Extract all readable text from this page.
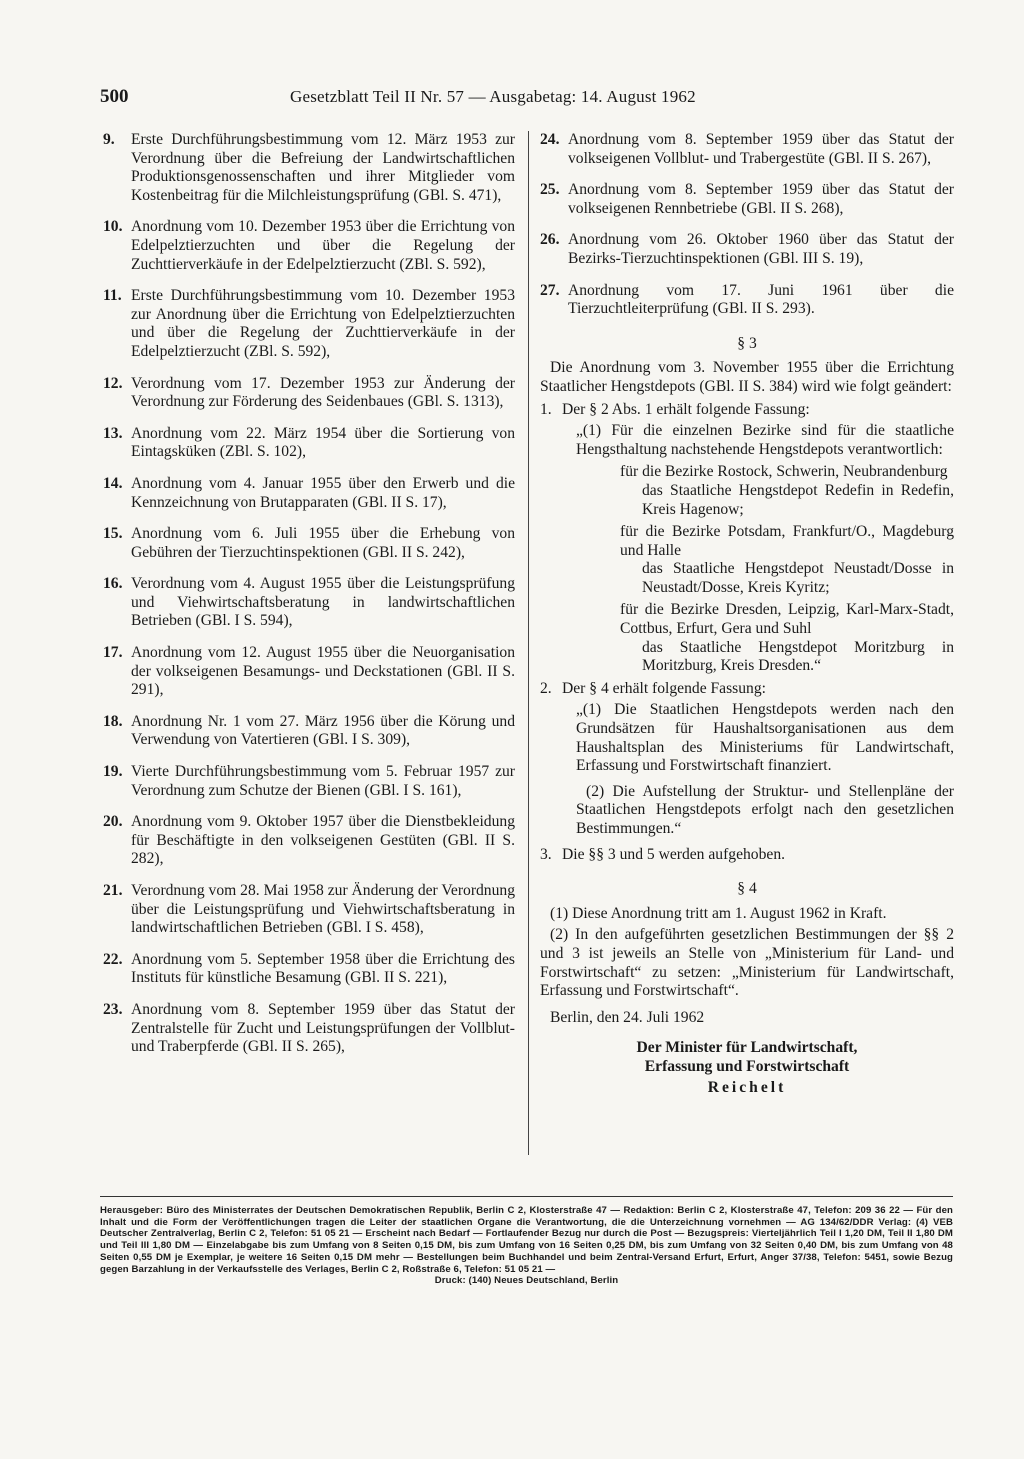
500	Gesetzblatt Teil II Nr. 57 — Ausgabetag: 14. August 1962
9. Erste Durchführungsbestimmung vom 12. März 1953 zur Verordnung über die Befreiung der Landwirtschaftlichen Produktionsgenossenschaften und ihrer Mitglieder vom Kostenbeitrag für die Milchleistungsprüfung (GBl. S. 471),
10. Anordnung vom 10. Dezember 1953 über die Errichtung von Edelpelztierzuchten und über die Regelung der Zuchttierverkäufe in der Edelpelztierzucht (ZBl. S. 592),
11. Erste Durchführungsbestimmung vom 10. Dezember 1953 zur Anordnung über die Errichtung von Edelpelztierzuchten und über die Regelung der Zuchttierverkäufe in der Edelpelztierzucht (ZBl. S. 592),
12. Verordnung vom 17. Dezember 1953 zur Änderung der Verordnung zur Förderung des Seidenbaues (GBl. S. 1313),
13. Anordnung vom 22. März 1954 über die Sortierung von Eintagsküken (ZBl. S. 102),
14. Anordnung vom 4. Januar 1955 über den Erwerb und die Kennzeichnung von Brutapparaten (GBl. II S. 17),
15. Anordnung vom 6. Juli 1955 über die Erhebung von Gebühren der Tierzuchtinspektionen (GBl. II S. 242),
16. Verordnung vom 4. August 1955 über die Leistungsprüfung und Viehwirtschaftsberatung in landwirtschaftlichen Betrieben (GBl. I S. 594),
17. Anordnung vom 12. August 1955 über die Neuorganisation der volkseigenen Besamungs- und Deckstationen (GBl. II S. 291),
18. Anordnung Nr. 1 vom 27. März 1956 über die Körung und Verwendung von Vatertieren (GBl. I S. 309),
19. Vierte Durchführungsbestimmung vom 5. Februar 1957 zur Verordnung zum Schutze der Bienen (GBl. I S. 161),
20. Anordnung vom 9. Oktober 1957 über die Dienstbekleidung für Beschäftigte in den volkseigenen Gestüten (GBl. II S. 282),
21. Verordnung vom 28. Mai 1958 zur Änderung der Verordnung über die Leistungsprüfung und Viehwirtschaftsberatung in landwirtschaftlichen Betrieben (GBl. I S. 458),
22. Anordnung vom 5. September 1958 über die Errichtung des Instituts für künstliche Besamung (GBl. II S. 221),
23. Anordnung vom 8. September 1959 über das Statut der Zentralstelle für Zucht und Leistungsprüfungen der Vollblut- und Traberpferde (GBl. II S. 265),
24. Anordnung vom 8. September 1959 über das Statut der volkseigenen Vollblut- und Trabergestüte (GBl. II S. 267),
25. Anordnung vom 8. September 1959 über das Statut der volkseigenen Rennbetriebe (GBl. II S. 268),
26. Anordnung vom 26. Oktober 1960 über das Statut der Bezirks-Tierzuchtinspektionen (GBl. III S. 19),
27. Anordnung vom 17. Juni 1961 über die Tierzuchtleiterprüfung (GBl. II S. 293).
§ 3
Die Anordnung vom 3. November 1955 über die Errichtung Staatlicher Hengstdepots (GBl. II S. 384) wird wie folgt geändert:
1. Der § 2 Abs. 1 erhält folgende Fassung:

„(1) Für die einzelnen Bezirke sind für die staatliche Hengsthaltung nachstehende Hengstdepots verantwortlich:

für die Bezirke Rostock, Schwerin, Neubrandenburg
das Staatliche Hengstdepot Redefin in Redefin, Kreis Hagenow;
für die Bezirke Potsdam, Frankfurt/O., Magdeburg und Halle
das Staatliche Hengstdepot Neustadt/Dosse in Neustadt/Dosse, Kreis Kyritz;
für die Bezirke Dresden, Leipzig, Karl-Marx-Stadt, Cottbus, Erfurt, Gera und Suhl
das Staatliche Hengstdepot Moritzburg in Moritzburg, Kreis Dresden.“
2. Der § 4 erhält folgende Fassung:

„(1) Die Staatlichen Hengstdepots werden nach den Grundsätzen für Haushaltsorganisationen aus dem Haushaltsplan des Ministeriums für Landwirtschaft, Erfassung und Forstwirtschaft finanziert.

(2) Die Aufstellung der Struktur- und Stellenpläne der Staatlichen Hengstdepots erfolgt nach den gesetzlichen Bestimmungen.“

3. Die §§ 3 und 5 werden aufgehoben.
§ 4
(1) Diese Anordnung tritt am 1. August 1962 in Kraft.
(2) In den aufgeführten gesetzlichen Bestimmungen der §§ 2 und 3 ist jeweils an Stelle von „Ministerium für Land- und Forstwirtschaft“ zu setzen: „Ministerium für Landwirtschaft, Erfassung und Forstwirtschaft“.
Berlin, den 24. Juli 1962
Der Minister für Landwirtschaft,
Erfassung und Forstwirtschaft
Reichelt
Herausgeber: Büro des Ministerrates der Deutschen Demokratischen Republik, Berlin C 2, Klosterstraße 47 — Redaktion: Berlin C 2, Klosterstraße 47, Telefon: 209 36 22 — Für den Inhalt und die Form der Veröffentlichungen tragen die Leiter der staatlichen Organe die Verantwortung, die die Unterzeichnung vornehmen — AG 134/62/DDR Verlag: (4) VEB Deutscher Zentralverlag, Berlin C 2, Telefon: 51 05 21 — Erscheint nach Bedarf — Fortlaufender Bezug nur durch die Post — Bezugspreis: Vierteljährlich Teil I 1,20 DM, Teil II 1,80 DM und Teil III 1,80 DM — Einzelabgabe bis zum Umfang von 8 Seiten 0,15 DM, bis zum Umfang von 16 Seiten 0,25 DM, bis zum Umfang von 32 Seiten 0,40 DM, bis zum Umfang von 48 Seiten 0,55 DM je Exemplar, je weitere 16 Seiten 0,15 DM mehr — Bestellungen beim Buchhandel und beim Zentral-Versand Erfurt, Erfurt, Anger 37/38, Telefon: 5451, sowie Bezug gegen Barzahlung in der Verkaufsstelle des Verlages, Berlin C 2, Roßstraße 6, Telefon: 51 05 21 —
Druck: (140) Neues Deutschland, Berlin
